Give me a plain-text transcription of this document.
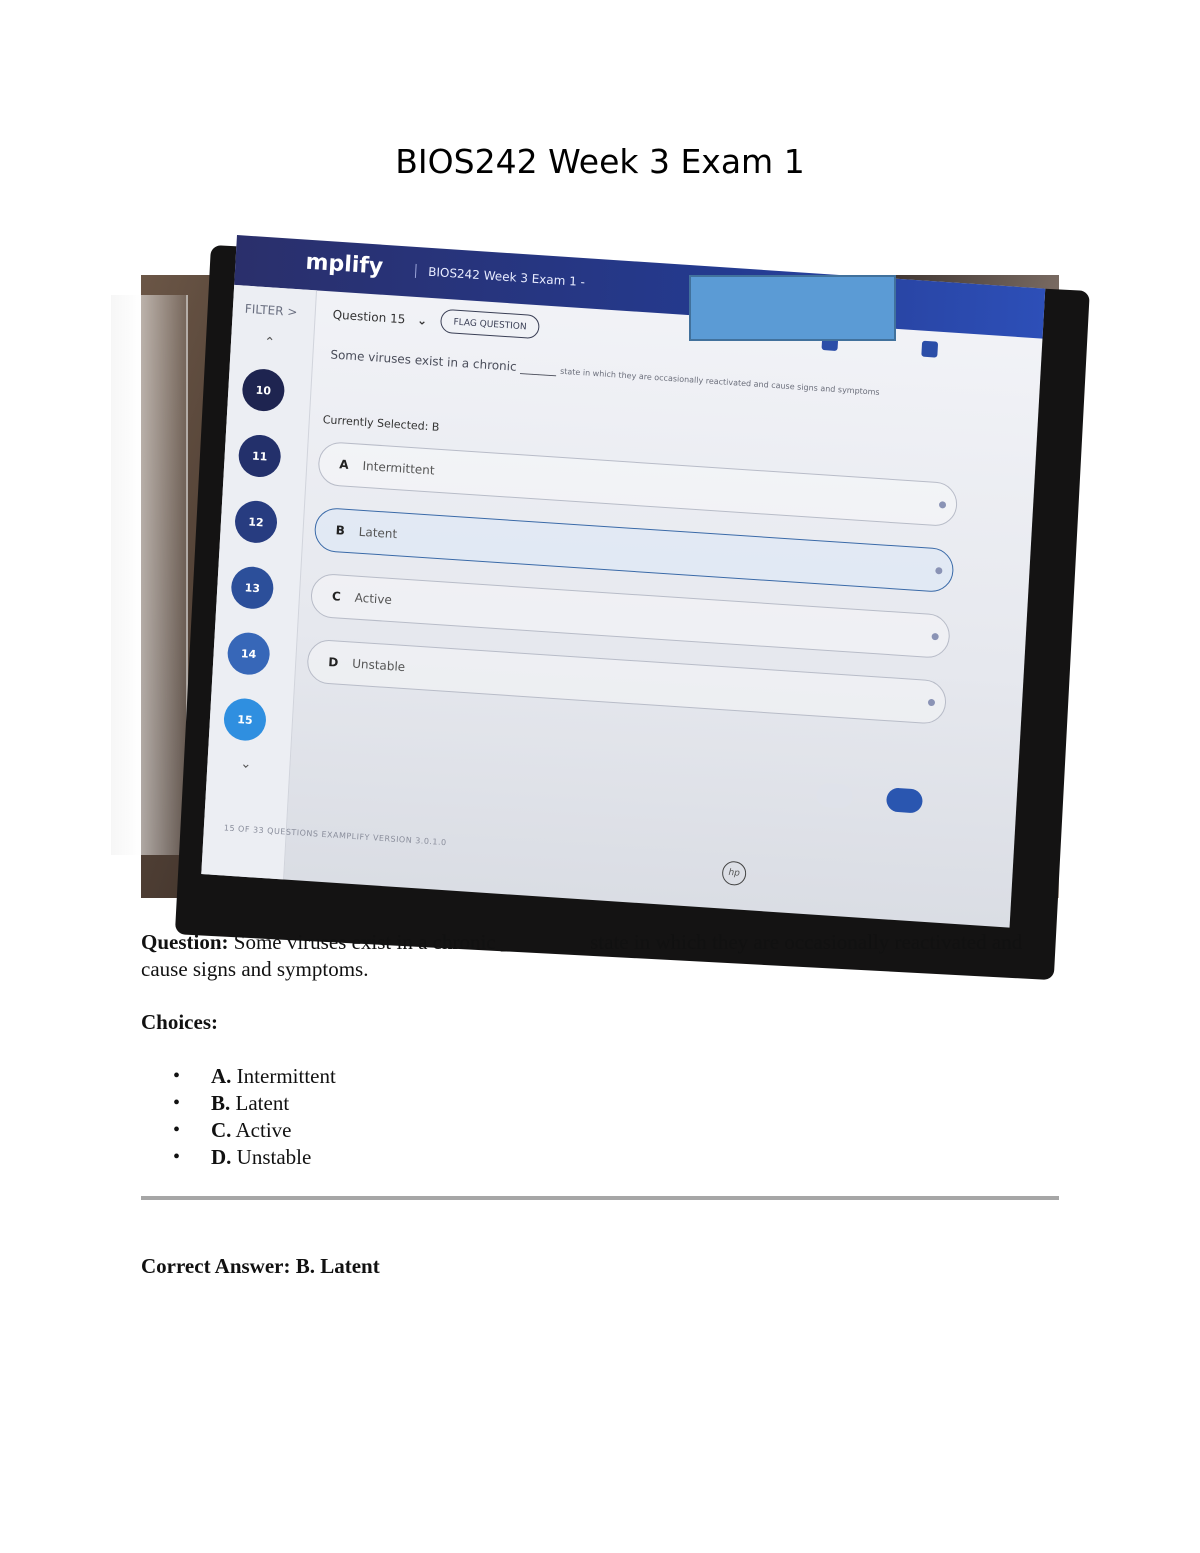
BIOS242 Week 3 Exam 1
mplify	BIOS242 Week 3 Exam 1 -
FILTER >
⌃
10
11
12
13
14
15
⌄
Question 15 ⌄	FLAG QUESTION
Some viruses exist in a chronic ______ state in which they are occasionally reactivated and cause signs and symptoms
Currently Selected: B
A Intermittent
B Latent
C Active
D Unstable
15 OF 33 QUESTIONS EXAMPLIFY VERSION 3.0.1.0
hp

Question: Some viruses exist in a chronic ________ state in which they are occasionally reactivated and cause signs and symptoms.

Choices:

• A. Intermittent
• B. Latent
• C. Active
• D. Unstable

Correct Answer: B. Latent
